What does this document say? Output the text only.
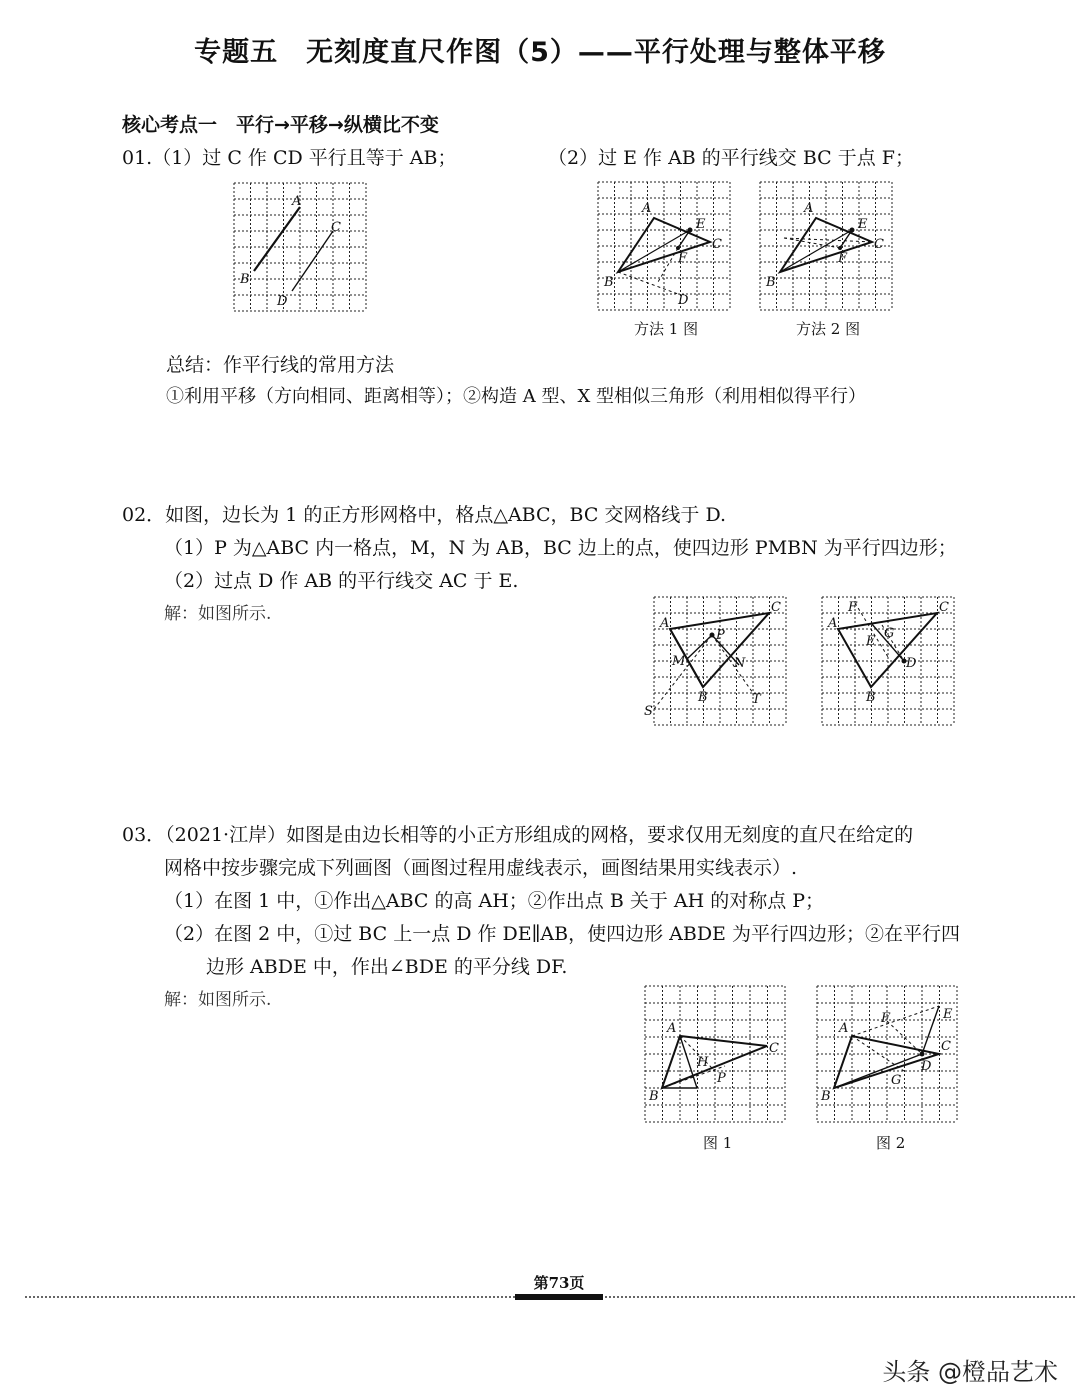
专题五　无刻度直尺作图（5）——平行处理与整体平移
核心考点一　平行→平移→纵横比不变
01.（1）过 C 作 CD 平行且等于 AB；	（2）过 E 作 AB 的平行线交 BC 于点 F；
A
B
C
D
A
B
C
D
E
F
方法 1 图
A
B
C
E
F
方法 2 图
总结：作平行线的常用方法
①利用平移（方向相同、距离相等）；②构造 A 型、X 型相似三角形（利用相似得平行）
02．如图，边长为 1 的正方形网格中，格点△ABC，BC 交网格线于 D.
（1）P 为△ABC 内一格点，M，N 为 AB，BC 边上的点，使四边形 PMBN 为平行四边形；
（2）过点 D 作 AB 的平行线交 AC 于 E.
解：如图所示.	A
B
C
P
M	N
S
T
A
B
C
D
E
F
G
03．（2021·江岸）如图是由边长相等的小正方形组成的网格，要求仅用无刻度的直尺在给定的
网格中按步骤完成下列画图（画图过程用虚线表示，画图结果用实线表示）.
（1）在图 1 中，①作出△ABC 的高 AH；②作出点 B 关于 AH 的对称点 P；
（2）在图 2 中，①过 BC 上一点 D 作 DE∥AB，使四边形 ABDE 为平行四边形；②在平行四
边形 ABDE 中，作出∠BDE 的平分线 DF.
解：如图所示.
A
B
C
H
P
图 1
A
B
C
D
E
F
G
图 2
第73页
头条 @橙品艺术
